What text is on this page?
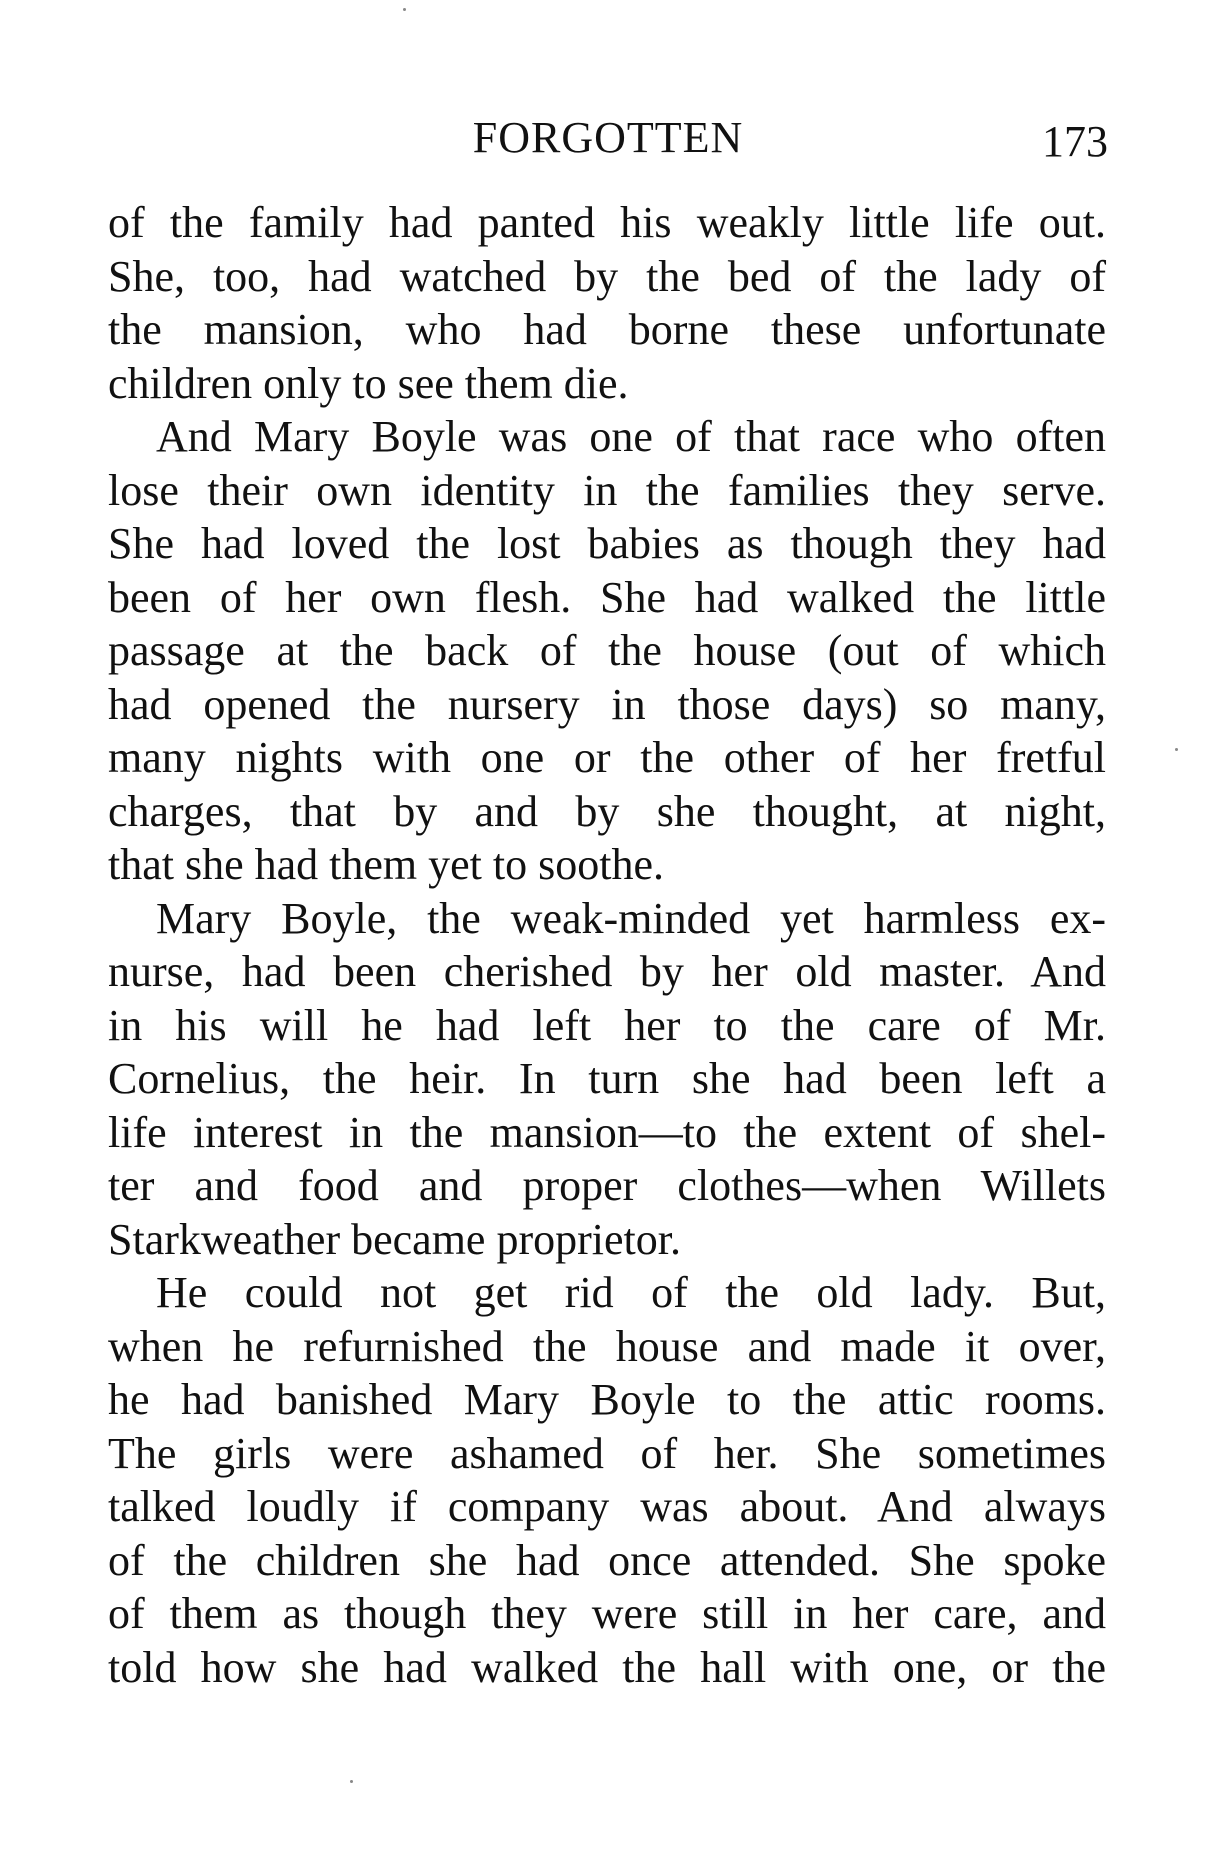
FORGOTTEN	173
of the family had panted his weakly little life out.
She, too, had watched by the bed of the lady of
the mansion, who had borne these unfortunate
children only to see them die.
And Mary Boyle was one of that race who often
lose their own identity in the families they serve.
She had loved the lost babies as though they had
been of her own flesh. She had walked the little
passage at the back of the house (out of which
had opened the nursery in those days) so many,
many nights with one or the other of her fretful
charges, that by and by she thought, at night,
that she had them yet to soothe.
Mary Boyle, the weak-minded yet harmless ex-
nurse, had been cherished by her old master. And
in his will he had left her to the care of Mr.
Cornelius, the heir. In turn she had been left a
life interest in the mansion—to the extent of shel-
ter and food and proper clothes—when Willets
Starkweather became proprietor.
He could not get rid of the old lady. But,
when he refurnished the house and made it over,
he had banished Mary Boyle to the attic rooms.
The girls were ashamed of her. She sometimes
talked loudly if company was about. And always
of the children she had once attended. She spoke
of them as though they were still in her care, and
told how she had walked the hall with one, or the
